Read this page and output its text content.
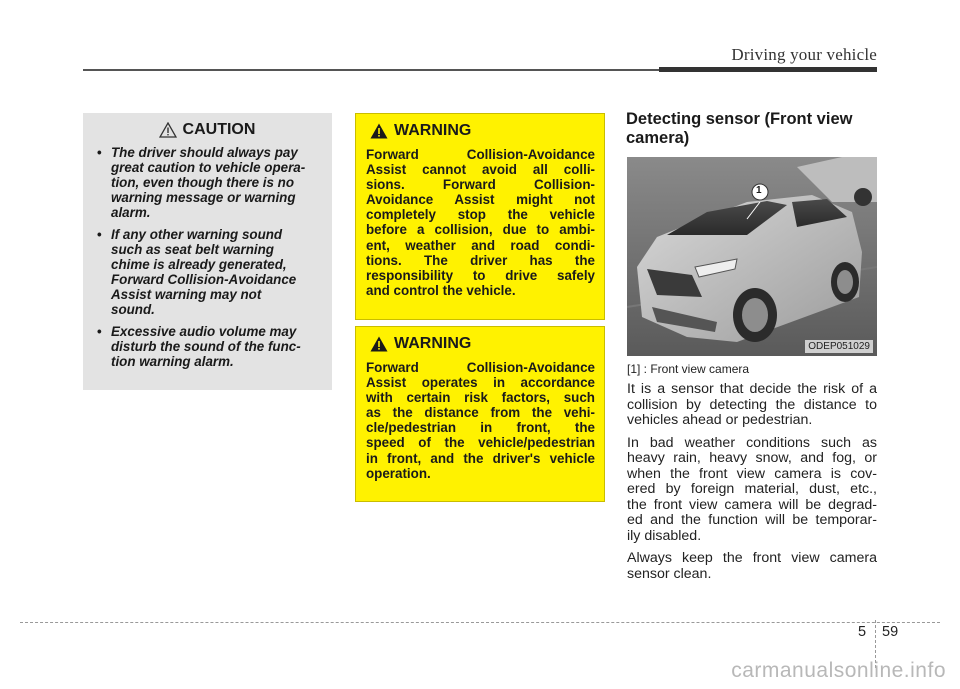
Driving your vehicle
CAUTION
• The driver should always pay
great caution to vehicle opera-
tion, even though there is no
warning message or warning
alarm.
• If any other warning sound
such as seat belt warning
chime is already generated,
Forward Collision-Avoidance
Assist warning may not
sound.
• Excessive audio volume may
disturb the sound of the func-
tion warning alarm.
WARNING
Forward Collision-Avoidance
Assist cannot avoid all colli-
sions. Forward Collision-
Avoidance Assist might not
completely stop the vehicle
before a collision, due to ambi-
ent, weather and road condi-
tions. The driver has the
responsibility to drive safely
and control the vehicle.
WARNING
Forward Collision-Avoidance
Assist operates in accordance
with certain risk factors, such
as the distance from the vehi-
cle/pedestrian in front, the
speed of the vehicle/pedestrian
in front, and the driver's vehicle
operation.
Detecting sensor (Front view camera)
1
ODEP051029
[1] : Front view camera

It is a sensor that decide the risk of a
collision by detecting the distance to
vehicles ahead or pedestrian.

In bad weather conditions such as
heavy rain, heavy snow, and fog, or
when the front view camera is cov-
ered by foreign material, dust, etc.,
the front view camera will be degrad-
ed and the function will be temporar-
ily disabled.

Always keep the front view camera
sensor clean.

5 59
carmanualsonline.info
